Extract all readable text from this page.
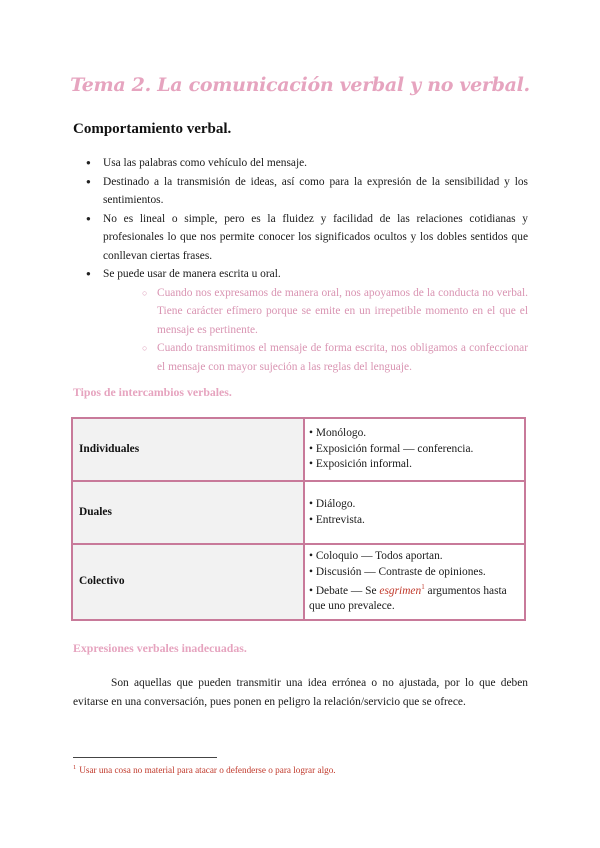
Tema 2. La comunicación verbal y no verbal.
Comportamiento verbal.
● Usa las palabras como vehículo del mensaje.
● Destinado a la transmisión de ideas, así como para la expresión de la sensibilidad y los sentimientos.
● No es lineal o simple, pero es la fluidez y facilidad de las relaciones cotidianas y profesionales lo que nos permite conocer los significados ocultos y los dobles sentidos que conllevan ciertas frases.
● Se puede usar de manera escrita u oral.
○ Cuando nos expresamos de manera oral, nos apoyamos de la conducta no verbal. Tiene carácter efímero porque se emite en un irrepetible momento en el que el mensaje es pertinente.
○ Cuando transmitimos el mensaje de forma escrita, nos obligamos a confeccionar el mensaje con mayor sujeción a las reglas del lenguaje.
Tipos de intercambios verbales.
Individuales	• Monólogo.
• Exposición formal — conferencia.
• Exposición informal.

Duales	• Diálogo.
• Entrevista.

Colectivo	• Coloquio — Todos aportan.
• Discusión — Contraste de opiniones.
• Debate — Se esgrimen$^1$ argumentos hasta que uno prevalece.
Expresiones verbales inadecuadas.
Son aquellas que pueden transmitir una idea errónea o no ajustada, por lo que deben evitarse en una conversación, pues ponen en peligro la relación/servicio que se ofrece.
$^1$ Usar una cosa no material para atacar o defenderse o para lograr algo.
